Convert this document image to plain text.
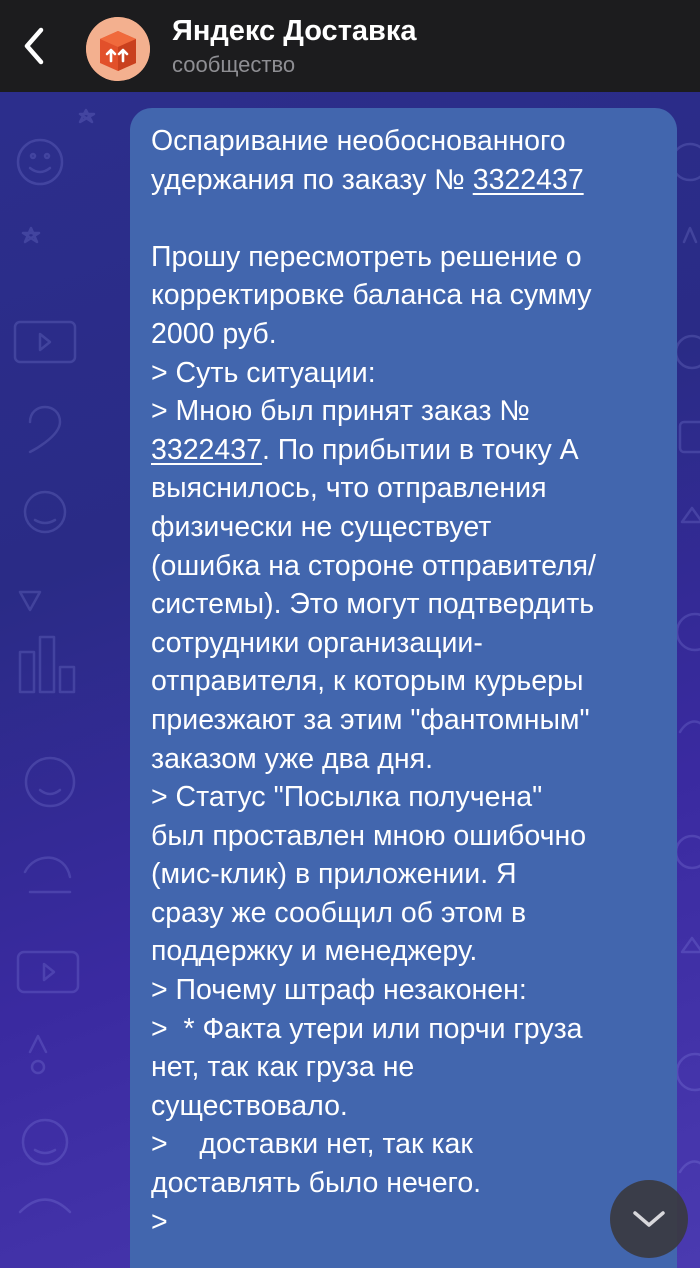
Яндекс Доставка
сообщество
Оспаривание необоснованного
удержания по заказу № 3322437

Прошу пересмотреть решение о
корректировке баланса на сумму
2000 руб.
> Суть ситуации:
> Мною был принят заказ №
3322437. По прибытии в точку А
выяснилось, что отправления
физически не существует
(ошибка на стороне отправителя/
системы). Это могут подтвердить
сотрудники организации-
отправителя, к которым курьеры
приезжают за этим "фантомным"
заказом уже два дня.
> Статус "Посылка получена"
был проставлен мною ошибочно
(мис-клик) в приложении. Я
сразу же сообщил об этом в
поддержку и менеджеру.
> Почему штраф незаконен:
>  * Факта утери или порчи груза
нет, так как груза не
существовало.
>    доставки нет, так как
доставлять было нечего.
>
